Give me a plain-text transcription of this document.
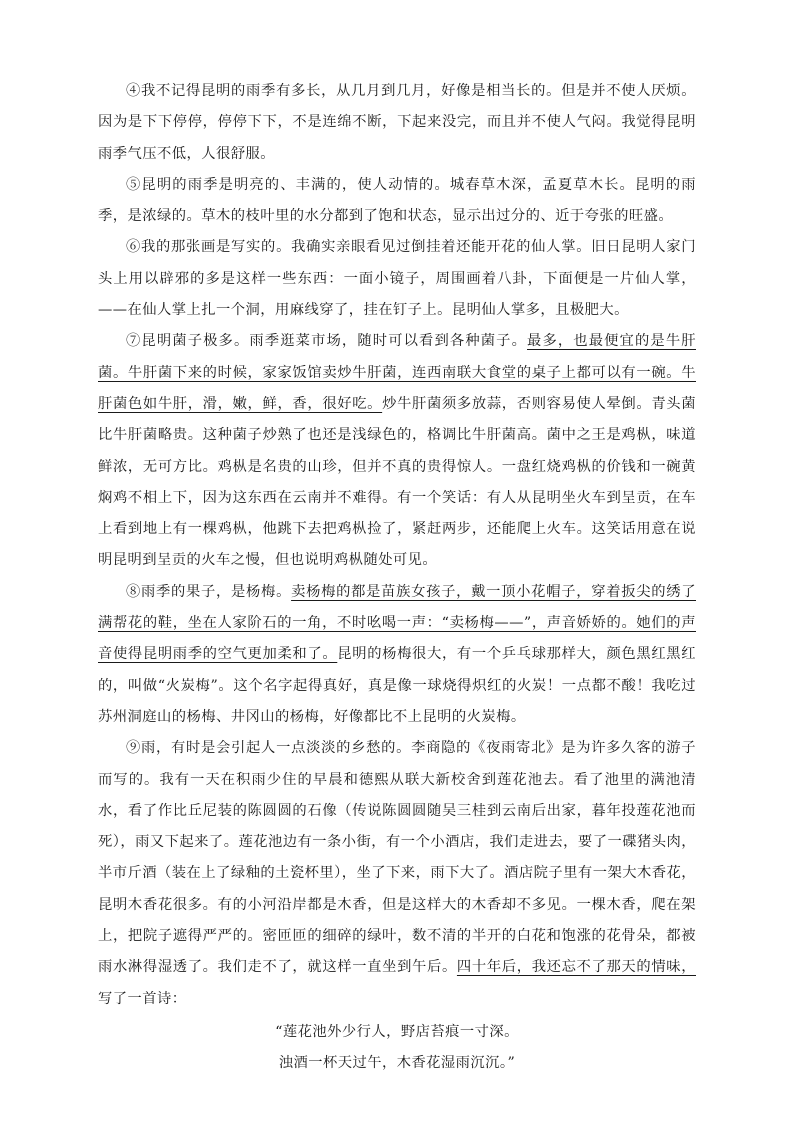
④我不记得昆明的雨季有多长，从几月到几月，好像是相当长的。但是并不使人厌烦。因为是下下停停，停停下下，不是连绵不断，下起来没完，而且并不使人气闷。我觉得昆明雨季气压不低，人很舒服。

⑤昆明的雨季是明亮的、丰满的，使人动情的。城春草木深，孟夏草木长。昆明的雨季，是浓绿的。草木的枝叶里的水分都到了饱和状态，显示出过分的、近于夸张的旺盛。

⑥我的那张画是写实的。我确实亲眼看见过倒挂着还能开花的仙人掌。旧日昆明人家门头上用以辟邪的多是这样一些东西：一面小镜子，周围画着八卦，下面便是一片仙人掌，——在仙人掌上扎一个洞，用麻线穿了，挂在钉子上。昆明仙人掌多，且极肥大。

⑦昆明菌子极多。雨季逛菜市场，随时可以看到各种菌子。最多，也最便宜的是牛肝菌。牛肝菌下来的时候，家家饭馆卖炒牛肝菌，连西南联大食堂的桌子上都可以有一碗。牛肝菌色如牛肝，滑，嫩，鲜，香，很好吃。炒牛肝菌须多放蒜，否则容易使人晕倒。青头菌比牛肝菌略贵。这种菌子炒熟了也还是浅绿色的，格调比牛肝菌高。菌中之王是鸡枞，味道鲜浓，无可方比。鸡枞是名贵的山珍，但并不真的贵得惊人。一盘红烧鸡枞的价钱和一碗黄焖鸡不相上下，因为这东西在云南并不难得。有一个笑话：有人从昆明坐火车到呈贡，在车上看到地上有一棵鸡枞，他跳下去把鸡枞捡了，紧赶两步，还能爬上火车。这笑话用意在说明昆明到呈贡的火车之慢，但也说明鸡枞随处可见。

⑧雨季的果子，是杨梅。卖杨梅的都是苗族女孩子，戴一顶小花帽子，穿着扳尖的绣了满帮花的鞋，坐在人家阶石的一角，不时吆喝一声：“卖杨梅——”，声音娇娇的。她们的声音使得昆明雨季的空气更加柔和了。昆明的杨梅很大，有一个乒乓球那样大，颜色黑红黑红的，叫做“火炭梅”。这个名字起得真好，真是像一球烧得炽红的火炭！一点都不酸！我吃过苏州洞庭山的杨梅、井冈山的杨梅，好像都比不上昆明的火炭梅。

⑨雨，有时是会引起人一点淡淡的乡愁的。李商隐的《夜雨寄北》是为许多久客的游子而写的。我有一天在积雨少住的早晨和德熙从联大新校舍到莲花池去。看了池里的满池清水，看了作比丘尼装的陈圆圆的石像（传说陈圆圆随吴三桂到云南后出家，暮年投莲花池而死），雨又下起来了。莲花池边有一条小街，有一个小酒店，我们走进去，要了一碟猪头肉，半市斤酒（装在上了绿釉的土瓷杯里），坐了下来，雨下大了。酒店院子里有一架大木香花，昆明木香花很多。有的小河沿岸都是木香，但是这样大的木香却不多见。一棵木香，爬在架上，把院子遮得严严的。密匝匝的细碎的绿叶，数不清的半开的白花和饱涨的花骨朵，都被雨水淋得湿透了。我们走不了，就这样一直坐到午后。四十年后，我还忘不了那天的情味，写了一首诗：

“莲花池外少行人，野店苔痕一寸深。

浊酒一杯天过午，木香花湿雨沉沉。”
